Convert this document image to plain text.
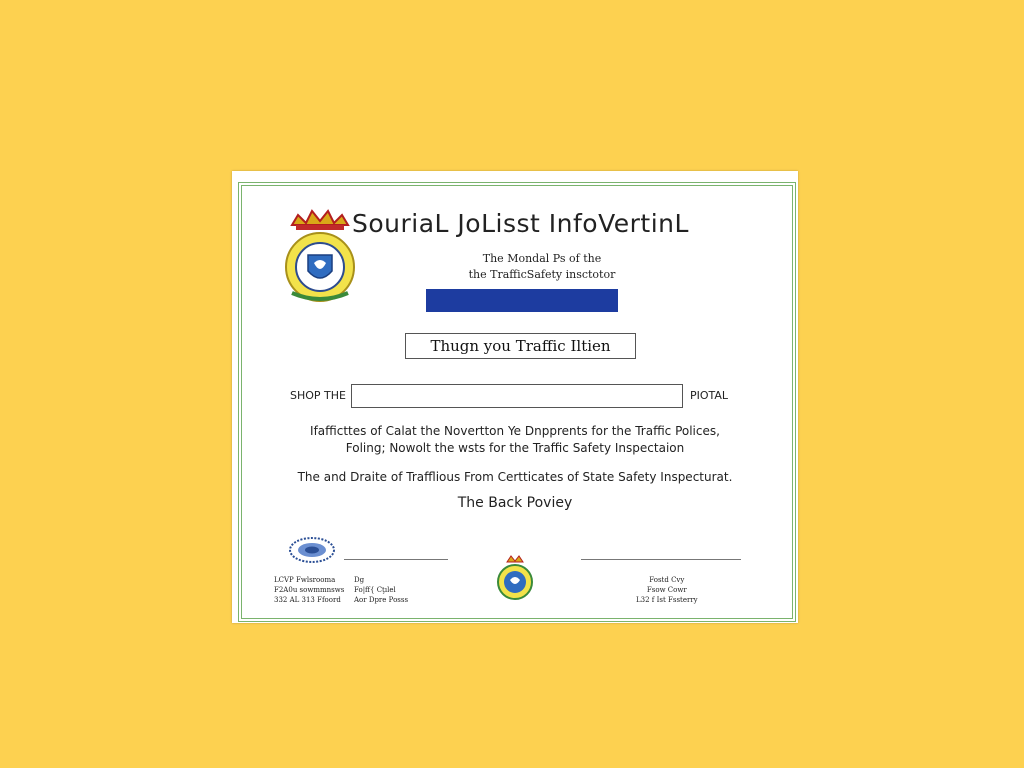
SouriaL JoLisst InfoVertinL
The Mondal Ps of the
the TrafficSafety insctotor
Thugn you Traffic Iltien
SHOP THE	PIOTAL
Ifafficttes of Calat the Novertton Ye Dnpprents for the Traffic Polices,
Foling; Nowolt the wsts for the Traffic Safety Inspectaion
The and Draite of Trafflious From Certticates of State Safety Inspecturat.
The Back Poviey
LCVP Fwlsrooma
F2A0u sowmmnsws
332 AL 313 Ffoord
Dg
Fo|ff{ Cţılel
Aor Dpre Posss
Fostd Cvy
Fsow Cowr
L32 f Ist Fssterry
